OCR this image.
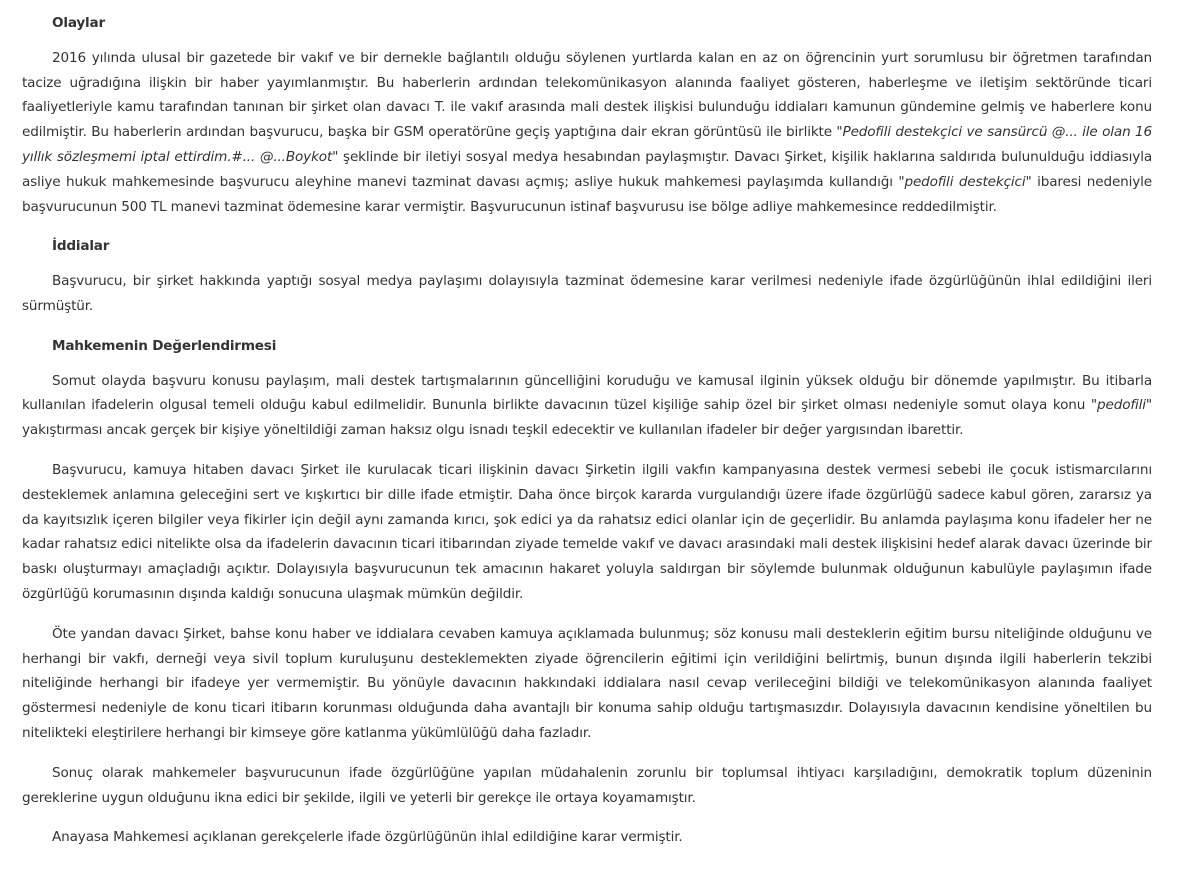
Olaylar

2016 yılında ulusal bir gazetede bir vakıf ve bir dernekle bağlantılı olduğu söylenen yurtlarda kalan en az on öğrencinin yurt sorumlusu bir öğretmen tarafından tacize uğradığına ilişkin bir haber yayımlanmıştır. Bu haberlerin ardından telekomünikasyon alanında faaliyet gösteren, haberleşme ve iletişim sektöründe ticari faaliyetleriyle kamu tarafından tanınan bir şirket olan davacı T. ile vakıf arasında mali destek ilişkisi bulunduğu iddiaları kamunun gündemine gelmiş ve haberlere konu edilmiştir. Bu haberlerin ardından başvurucu, başka bir GSM operatörüne geçiş yaptığına dair ekran görüntüsü ile birlikte "Pedofili destekçici ve sansürcü @... ile olan 16 yıllık sözleşmemi iptal ettirdim.#... @...Boykot" şeklinde bir iletiyi sosyal medya hesabından paylaşmıştır. Davacı Şirket, kişilik haklarına saldırıda bulunulduğu iddiasıyla asliye hukuk mahkemesinde başvurucu aleyhine manevi tazminat davası açmış; asliye hukuk mahkemesi paylaşımda kullandığı "pedofili destekçici" ibaresi nedeniyle başvurucunun 500 TL manevi tazminat ödemesine karar vermiştir. Başvurucunun istinaf başvurusu ise bölge adliye mahkemesince reddedilmiştir.

İddialar

Başvurucu, bir şirket hakkında yaptığı sosyal medya paylaşımı dolayısıyla tazminat ödemesine karar verilmesi nedeniyle ifade özgürlüğünün ihlal edildiğini ileri sürmüştür.

Mahkemenin Değerlendirmesi

Somut olayda başvuru konusu paylaşım, mali destek tartışmalarının güncelliğini koruduğu ve kamusal ilginin yüksek olduğu bir dönemde yapılmıştır. Bu itibarla kullanılan ifadelerin olgusal temeli olduğu kabul edilmelidir. Bununla birlikte davacının tüzel kişiliğe sahip özel bir şirket olması nedeniyle somut olaya konu "pedofili" yakıştırması ancak gerçek bir kişiye yöneltildiği zaman haksız olgu isnadı teşkil edecektir ve kullanılan ifadeler bir değer yargısından ibarettir.

Başvurucu, kamuya hitaben davacı Şirket ile kurulacak ticari ilişkinin davacı Şirketin ilgili vakfın kampanyasına destek vermesi sebebi ile çocuk istismarcılarını desteklemek anlamına geleceğini sert ve kışkırtıcı bir dille ifade etmiştir. Daha önce birçok kararda vurgulandığı üzere ifade özgürlüğü sadece kabul gören, zararsız ya da kayıtsızlık içeren bilgiler veya fikirler için değil aynı zamanda kırıcı, şok edici ya da rahatsız edici olanlar için de geçerlidir. Bu anlamda paylaşıma konu ifadeler her ne kadar rahatsız edici nitelikte olsa da ifadelerin davacının ticari itibarından ziyade temelde vakıf ve davacı arasındaki mali destek ilişkisini hedef alarak davacı üzerinde bir baskı oluşturmayı amaçladığı açıktır. Dolayısıyla başvurucunun tek amacının hakaret yoluyla saldırgan bir söylemde bulunmak olduğunun kabulüyle paylaşımın ifade özgürlüğü korumasının dışında kaldığı sonucuna ulaşmak mümkün değildir.

Öte yandan davacı Şirket, bahse konu haber ve iddialara cevaben kamuya açıklamada bulunmuş; söz konusu mali desteklerin eğitim bursu niteliğinde olduğunu ve herhangi bir vakfı, derneği veya sivil toplum kuruluşunu desteklemekten ziyade öğrencilerin eğitimi için verildiğini belirtmiş, bunun dışında ilgili haberlerin tekzibi niteliğinde herhangi bir ifadeye yer vermemiştir. Bu yönüyle davacının hakkındaki iddialara nasıl cevap verileceğini bildiği ve telekomünikasyon alanında faaliyet göstermesi nedeniyle de konu ticari itibarın korunması olduğunda daha avantajlı bir konuma sahip olduğu tartışmasızdır. Dolayısıyla davacının kendisine yöneltilen bu nitelikteki eleştirilere herhangi bir kimseye göre katlanma yükümlülüğü daha fazladır.

Sonuç olarak mahkemeler başvurucunun ifade özgürlüğüne yapılan müdahalenin zorunlu bir toplumsal ihtiyacı karşıladığını, demokratik toplum düzeninin gereklerine uygun olduğunu ikna edici bir şekilde, ilgili ve yeterli bir gerekçe ile ortaya koyamamıştır.

Anayasa Mahkemesi açıklanan gerekçelerle ifade özgürlüğünün ihlal edildiğine karar vermiştir.
